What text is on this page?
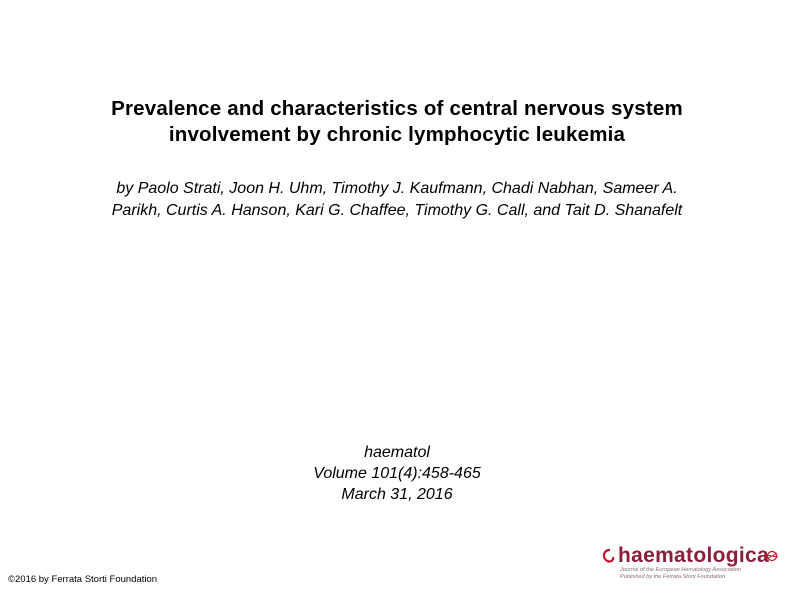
Prevalence and characteristics of central nervous system
involvement by chronic lymphocytic leukemia
by Paolo Strati, Joon H. Uhm, Timothy J. Kaufmann, Chadi Nabhan, Sameer A.
Parikh, Curtis A. Hanson, Kari G. Chaffee, Timothy G. Call, and Tait D. Shanafelt
haematol
Volume 101(4):458-465
March 31, 2016
©2016 by Ferrata Storti Foundation
haematologica
Journal of the European Hematology Association
Published by the Ferrata Storti Foundation
